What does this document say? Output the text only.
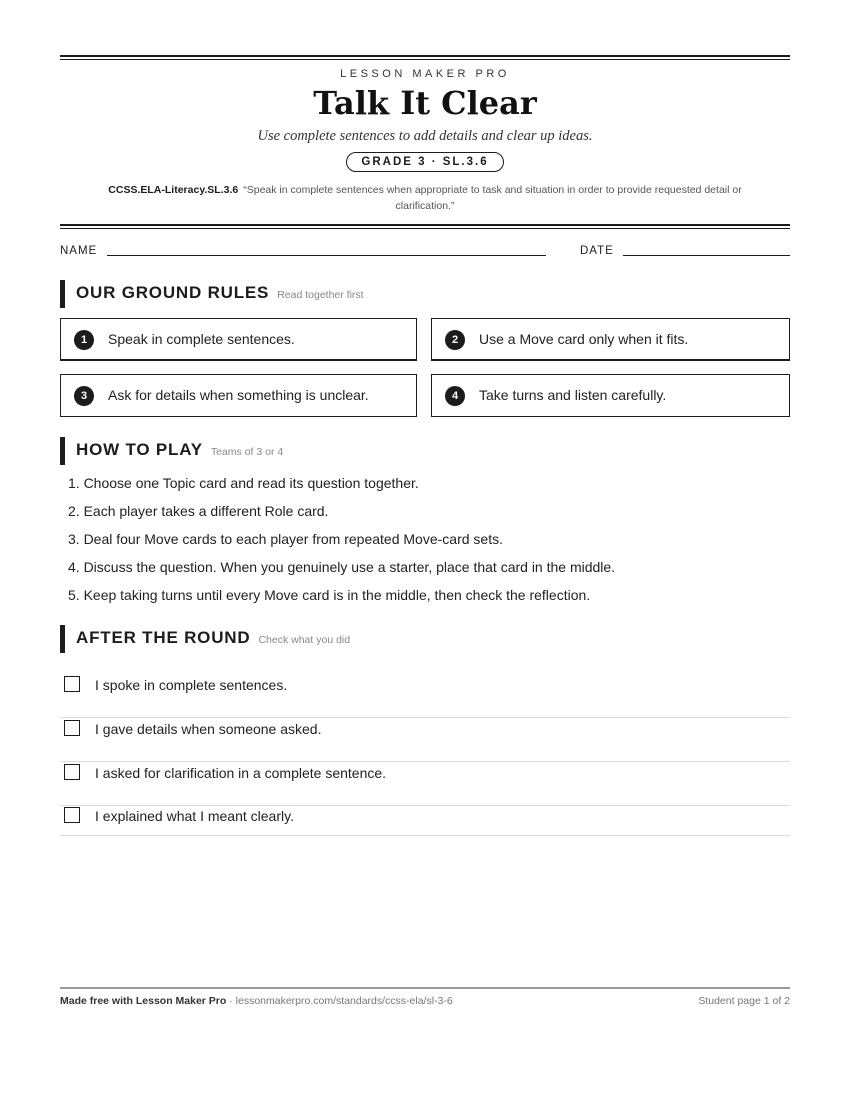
LESSON MAKER PRO
Talk It Clear
Use complete sentences to add details and clear up ideas.
GRADE 3 · SL.3.6
CCSS.ELA-Literacy.SL.3.6 “Speak in complete sentences when appropriate to task and situation in order to provide requested detail or clarification.”
NAME	DATE
OUR GROUND RULES Read together first
1	Speak in complete sentences.	2	Use a Move card only when it fits.
3	Ask for details when something is unclear.	4	Take turns and listen carefully.
HOW TO PLAY Teams of 3 or 4
1. Choose one Topic card and read its question together.
2. Each player takes a different Role card.
3. Deal four Move cards to each player from repeated Move-card sets.
4. Discuss the question. When you genuinely use a starter, place that card in the middle.
5. Keep taking turns until every Move card is in the middle, then check the reflection.
AFTER THE ROUND Check what you did
I spoke in complete sentences.
I gave details when someone asked.
I asked for clarification in a complete sentence.
I explained what I meant clearly.
Made free with Lesson Maker Pro · lessonmakerpro.com/standards/ccss-ela/sl-3-6	Student page 1 of 2
